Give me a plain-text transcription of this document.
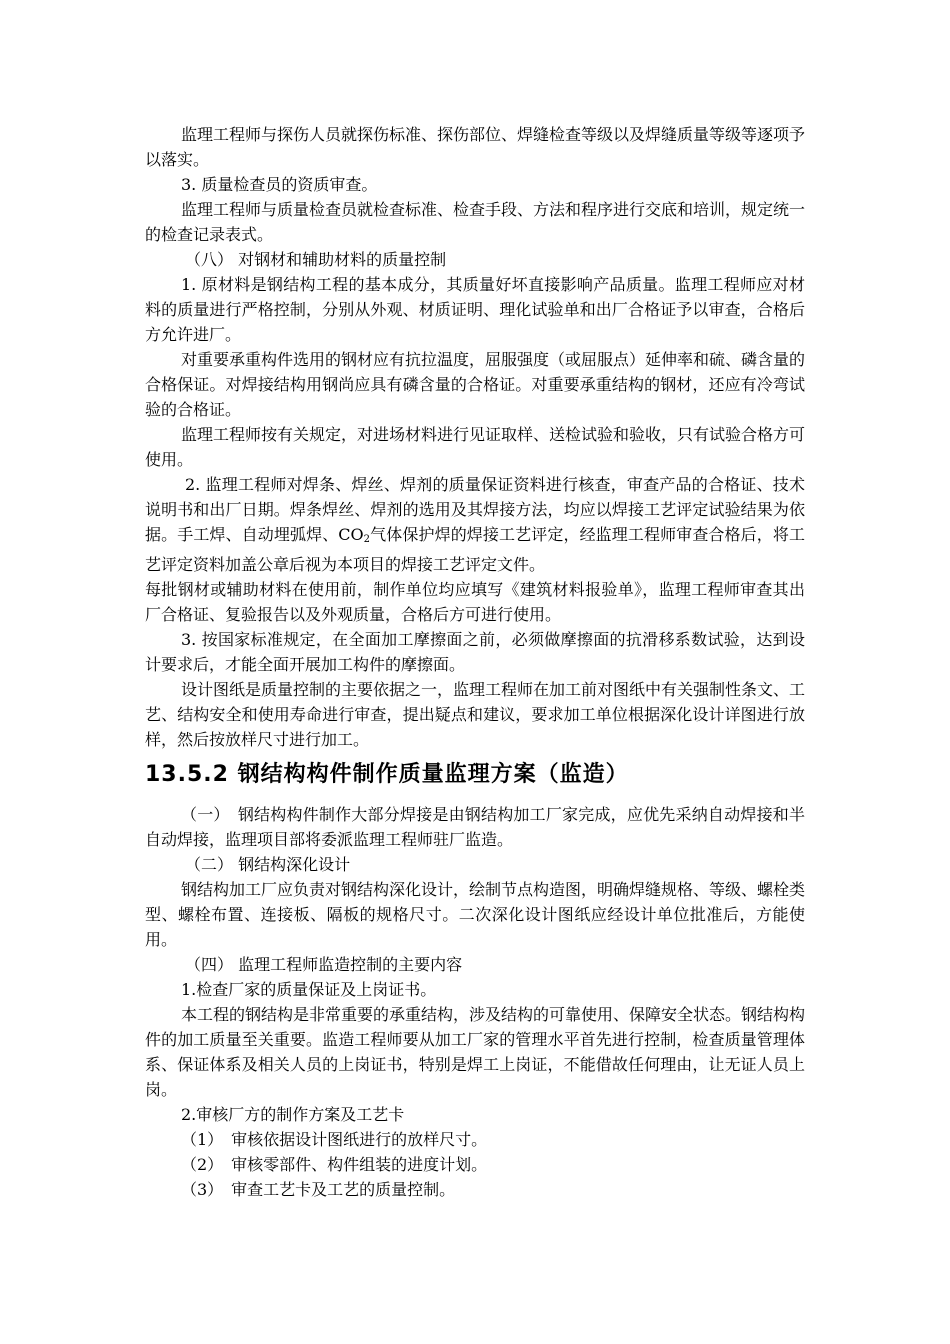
监理工程师与探伤人员就探伤标准、探伤部位、焊缝检查等级以及焊缝质量等级等逐项予以落实。

3. 质量检查员的资质审查。

监理工程师与质量检查员就检查标准、检查手段、方法和程序进行交底和培训，规定统一的检查记录表式。

（八） 对钢材和辅助材料的质量控制

1. 原材料是钢结构工程的基本成分，其质量好坏直接影响产品质量。监理工程师应对材料的质量进行严格控制，分别从外观、材质证明、理化试验单和出厂合格证予以审查，合格后方允许进厂。

对重要承重构件选用的钢材应有抗拉温度，屈服强度（或屈服点）延伸率和硫、磷含量的合格保证。对焊接结构用钢尚应具有磷含量的合格证。对重要承重结构的钢材，还应有冷弯试验的合格证。

监理工程师按有关规定，对进场材料进行见证取样、送检试验和验收，只有试验合格方可使用。

2. 监理工程师对焊条、焊丝、焊剂的质量保证资料进行核查，审查产品的合格证、技术说明书和出厂日期。焊条焊丝、焊剂的选用及其焊接方法，均应以焊接工艺评定试验结果为依据。手工焊、自动埋弧焊、$CO_2$气体保护焊的焊接工艺评定，经监理工程师审查合格后，将工艺评定资料加盖公章后视为本项目的焊接工艺评定文件。

每批钢材或辅助材料在使用前，制作单位均应填写《建筑材料报验单》，监理工程师审查其出厂合格证、复验报告以及外观质量，合格后方可进行使用。

3. 按国家标准规定，在全面加工摩擦面之前，必须做摩擦面的抗滑移系数试验，达到设计要求后，才能全面开展加工构件的摩擦面。

设计图纸是质量控制的主要依据之一，监理工程师在加工前对图纸中有关强制性条文、工艺、结构安全和使用寿命进行审查，提出疑点和建议，要求加工单位根据深化设计详图进行放样，然后按放样尺寸进行加工。

13.5.2 钢结构构件制作质量监理方案（监造）

（一）　钢结构构件制作大部分焊接是由钢结构加工厂家完成，应优先采纳自动焊接和半自动焊接，监理项目部将委派监理工程师驻厂监造。

（二） 钢结构深化设计

钢结构加工厂应负责对钢结构深化设计，绘制节点构造图，明确焊缝规格、等级、螺栓类型、螺栓布置、连接板、隔板的规格尺寸。二次深化设计图纸应经设计单位批准后，方能使用。

（四） 监理工程师监造控制的主要内容

1.检查厂家的质量保证及上岗证书。

本工程的钢结构是非常重要的承重结构，涉及结构的可靠使用、保障安全状态。钢结构构件的加工质量至关重要。监造工程师要从加工厂家的管理水平首先进行控制，检查质量管理体系、保证体系及相关人员的上岗证书，特别是焊工上岗证，不能借故任何理由，让无证人员上岗。

2.审核厂方的制作方案及工艺卡

（1）　审核依据设计图纸进行的放样尺寸。

（2）　审核零部件、构件组装的进度计划。

（3）　审查工艺卡及工艺的质量控制。
